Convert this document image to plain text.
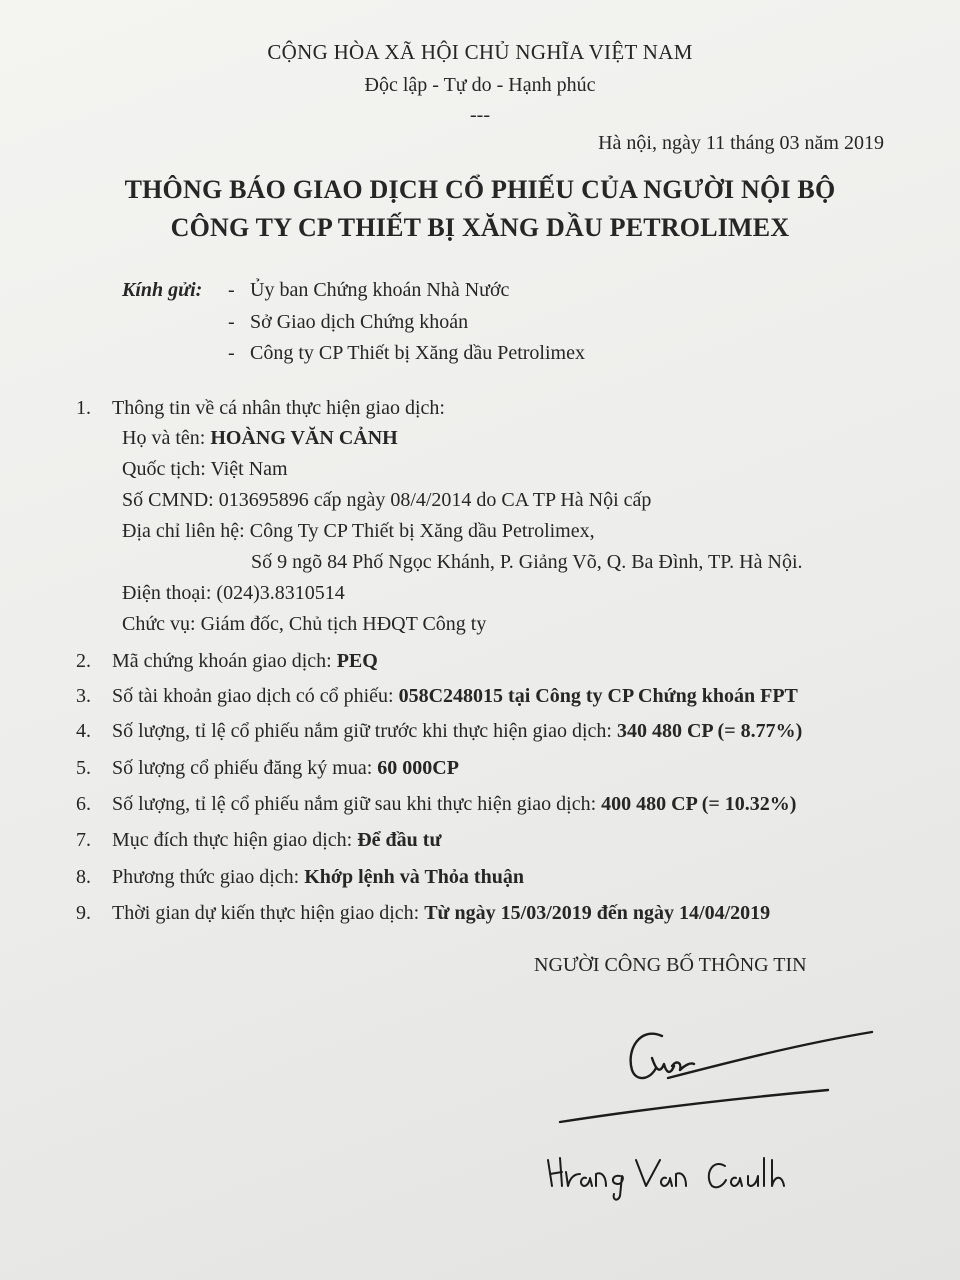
CỘNG HÒA XÃ HỘI CHỦ NGHĨA VIỆT NAM
Độc lập - Tự do - Hạnh phúc
---
Hà nội, ngày 11 tháng 03 năm 2019
THÔNG BÁO GIAO DỊCH CỔ PHIẾU CỦA NGƯỜI NỘI BỘ
CÔNG TY CP THIẾT BỊ XĂNG DẦU PETROLIMEX
Kính gửi: - Ủy ban Chứng khoán Nhà Nước
- Sở Giao dịch Chứng khoán
- Công ty CP Thiết bị Xăng dầu Petrolimex
1. Thông tin về cá nhân thực hiện giao dịch:
Họ và tên: HOÀNG VĂN CẢNH
Quốc tịch: Việt Nam
Số CMND: 013695896 cấp ngày 08/4/2014 do CA TP Hà Nội cấp
Địa chỉ liên hệ: Công Ty CP Thiết bị Xăng dầu Petrolimex,
Số 9 ngõ 84 Phố Ngọc Khánh, P. Giảng Võ, Q. Ba Đình, TP. Hà Nội.
Điện thoại: (024)3.8310514
Chức vụ: Giám đốc, Chủ tịch HĐQT Công ty
2. Mã chứng khoán giao dịch: PEQ
3. Số tài khoản giao dịch có cổ phiếu: 058C248015 tại Công ty CP Chứng khoán FPT
4. Số lượng, tỉ lệ cổ phiếu nắm giữ trước khi thực hiện giao dịch: 340 480 CP (= 8.77%)
5. Số lượng cổ phiếu đăng ký mua: 60 000CP
6. Số lượng, tỉ lệ cổ phiếu nắm giữ sau khi thực hiện giao dịch: 400 480 CP (= 10.32%)
7. Mục đích thực hiện giao dịch: Để đầu tư
8. Phương thức giao dịch: Khớp lệnh và Thỏa thuận
9. Thời gian dự kiến thực hiện giao dịch: Từ ngày 15/03/2019 đến ngày 14/04/2019
NGƯỜI CÔNG BỐ THÔNG TIN
